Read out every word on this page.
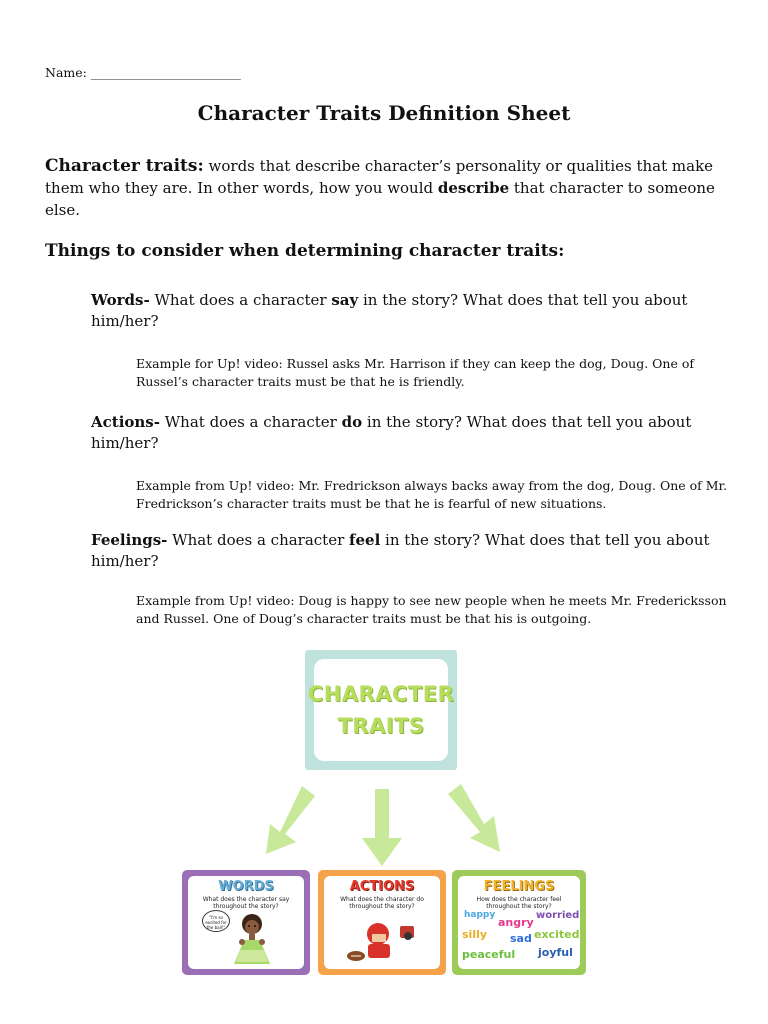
Name: ________________________
Character Traits Definition Sheet
Character traits: words that describe character’s personality or qualities that make them who they are. In other words, how you would describe that character to someone else.
Things to consider when determining character traits:
Words- What does a character say in the story? What does that tell you about him/her?
Example for Up! video: Russel asks Mr. Harrison if they can keep the dog, Doug. One of Russel’s character traits must be that he is friendly.
Actions- What does a character do in the story? What does that tell you about him/her?
Example from Up! video: Mr. Fredrickson always backs away from the dog, Doug. One of Mr. Fredrickson’s character traits must be that he is fearful of new situations.
Feelings- What does a character feel in the story? What does that tell you about him/her?
Example from Up! video: Doug is happy to see new people when he meets Mr. Fredericksson and Russel. One of Doug’s character traits must be that his is outgoing.
CHARACTER
TRAITS
WORDS
What does the character say throughout the story?
"I'm so excited for the ball!"
ACTIONS
What does the character do throughout the story?
FEELINGS
How does the character feel throughout the story?
happy
angry
worried
silly sad excited
peaceful joyful
